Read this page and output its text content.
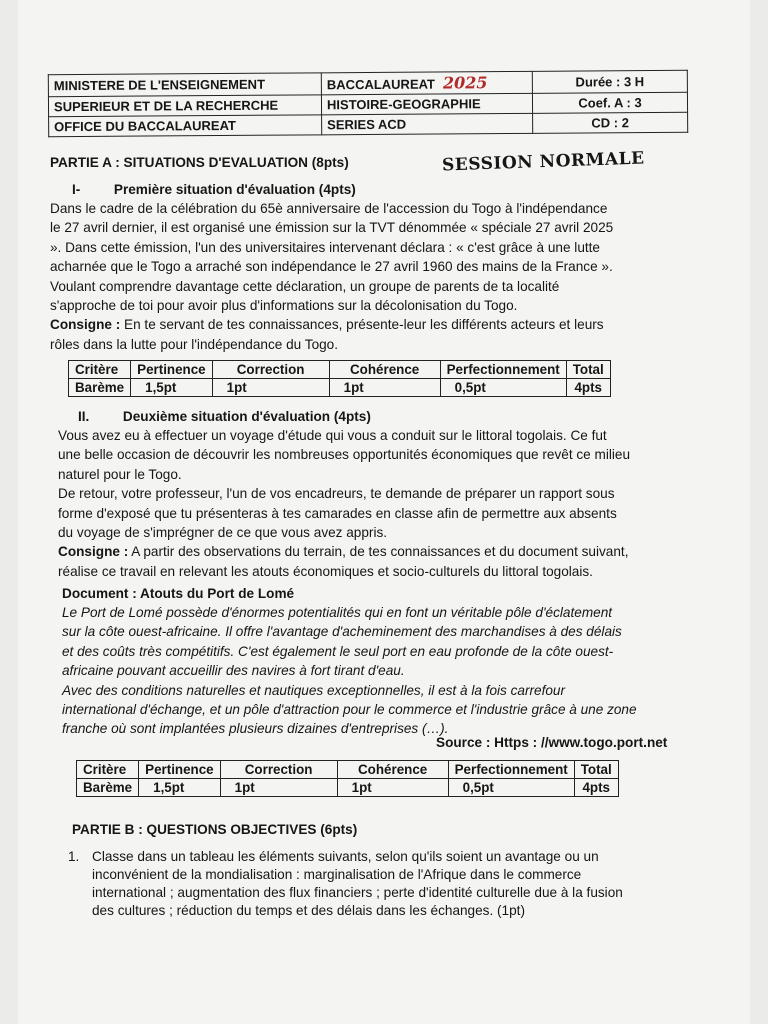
MINISTERE DE L'ENSEIGNEMENT	BACCALAUREAT 2025	Durée : 3 H
SUPERIEUR ET DE LA RECHERCHE	HISTOIRE-GEOGRAPHIE	Coef. A : 3
OFFICE DU BACCALAUREAT	SERIES ACD	CD : 2
PARTIE A : SITUATIONS D'EVALUATION (8pts)	SESSION NORMALE
I- Première situation d'évaluation (4pts)
Dans le cadre de la célébration du 65è anniversaire de l'accession du Togo à l'indépendance
le 27 avril dernier, il est organisé une émission sur la TVT dénommée « spéciale 27 avril 2025
». Dans cette émission, l'un des universitaires intervenant déclara : « c'est grâce à une lutte
acharnée que le Togo a arraché son indépendance le 27 avril 1960 des mains de la France ».
Voulant comprendre davantage cette déclaration, un groupe de parents de ta localité
s'approche de toi pour avoir plus d'informations sur la décolonisation du Togo.
Consigne : En te servant de tes connaissances, présente-leur les différents acteurs et leurs
rôles dans la lutte pour l'indépendance du Togo.
Critère	Pertinence	Correction	Cohérence	Perfectionnement	Total
Barème	1,5pt	1pt	1pt	0,5pt	4pts
II. Deuxième situation d'évaluation (4pts)
Vous avez eu à effectuer un voyage d'étude qui vous a conduit sur le littoral togolais. Ce fut
une belle occasion de découvrir les nombreuses opportunités économiques que revêt ce milieu
naturel pour le Togo.
De retour, votre professeur, l'un de vos encadreurs, te demande de préparer un rapport sous
forme d'exposé que tu présenteras à tes camarades en classe afin de permettre aux absents
du voyage de s'imprégner de ce que vous avez appris.
Consigne : A partir des observations du terrain, de tes connaissances et du document suivant,
réalise ce travail en relevant les atouts économiques et socio-culturels du littoral togolais.
Document : Atouts du Port de Lomé
Le Port de Lomé possède d'énormes potentialités qui en font un véritable pôle d'éclatement
sur la côte ouest-africaine. Il offre l'avantage d'acheminement des marchandises à des délais
et des coûts très compétitifs. C'est également le seul port en eau profonde de la côte ouest-
africaine pouvant accueillir des navires à fort tirant d'eau.
Avec des conditions naturelles et nautiques exceptionnelles, il est à la fois carrefour
international d'échange, et un pôle d'attraction pour le commerce et l'industrie grâce à une zone
franche où sont implantées plusieurs dizaines d'entreprises (…).
Source : Https : //www.togo.port.net
Critère	Pertinence	Correction	Cohérence	Perfectionnement	Total
Barème	1,5pt	1pt	1pt	0,5pt	4pts
PARTIE B : QUESTIONS OBJECTIVES (6pts)
1. Classe dans un tableau les éléments suivants, selon qu'ils soient un avantage ou un
inconvénient de la mondialisation : marginalisation de l'Afrique dans le commerce
international ; augmentation des flux financiers ; perte d'identité culturelle due à la fusion
des cultures ; réduction du temps et des délais dans les échanges. (1pt)
